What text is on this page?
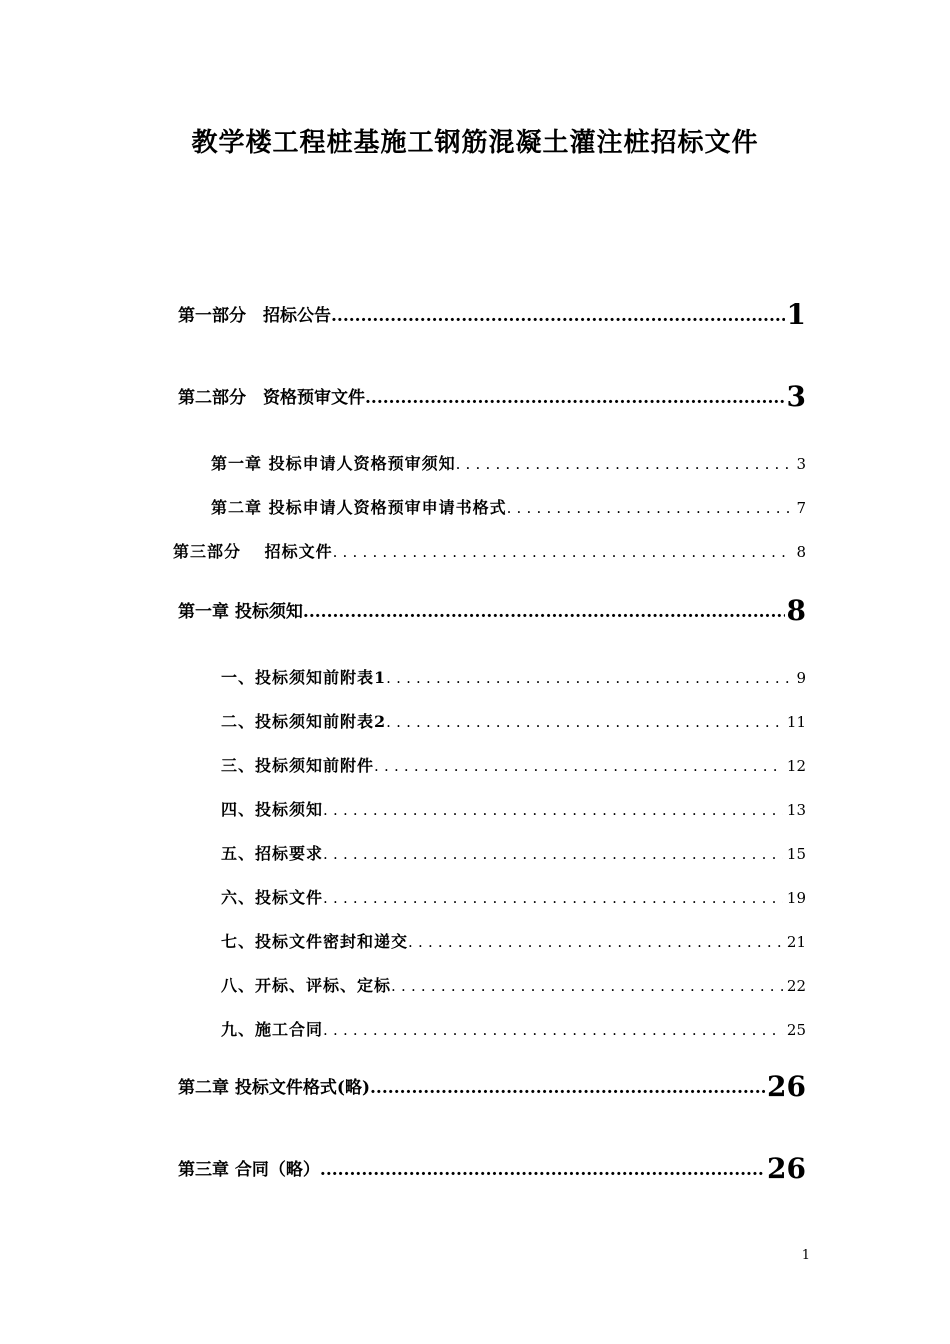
教学楼工程桩基施工钢筋混凝土灌注桩招标文件
第一部分　招标公告 .....	1
第二部分　资格预审文件 .....	3
第一章 投标申请人资格预审须知 .....	3
第二章 投标申请人资格预审申请书格式 .....	7
第三部分　 招标文件 .....	8
第一章 投标须知 .....	8
一、投标须知前附表1 .....	9
二、投标须知前附表2 .....	11
三、投标须知前附件 .....	12
四、投标须知 .....	13
五、招标要求 .....	15
六、投标文件 .....	19
七、投标文件密封和递交 .....	21
八、开标、评标、定标 .....	22
九、施工合同 .....	25
第二章 投标文件格式(略) .....	26
第三章 合同（略） .....	26
1
